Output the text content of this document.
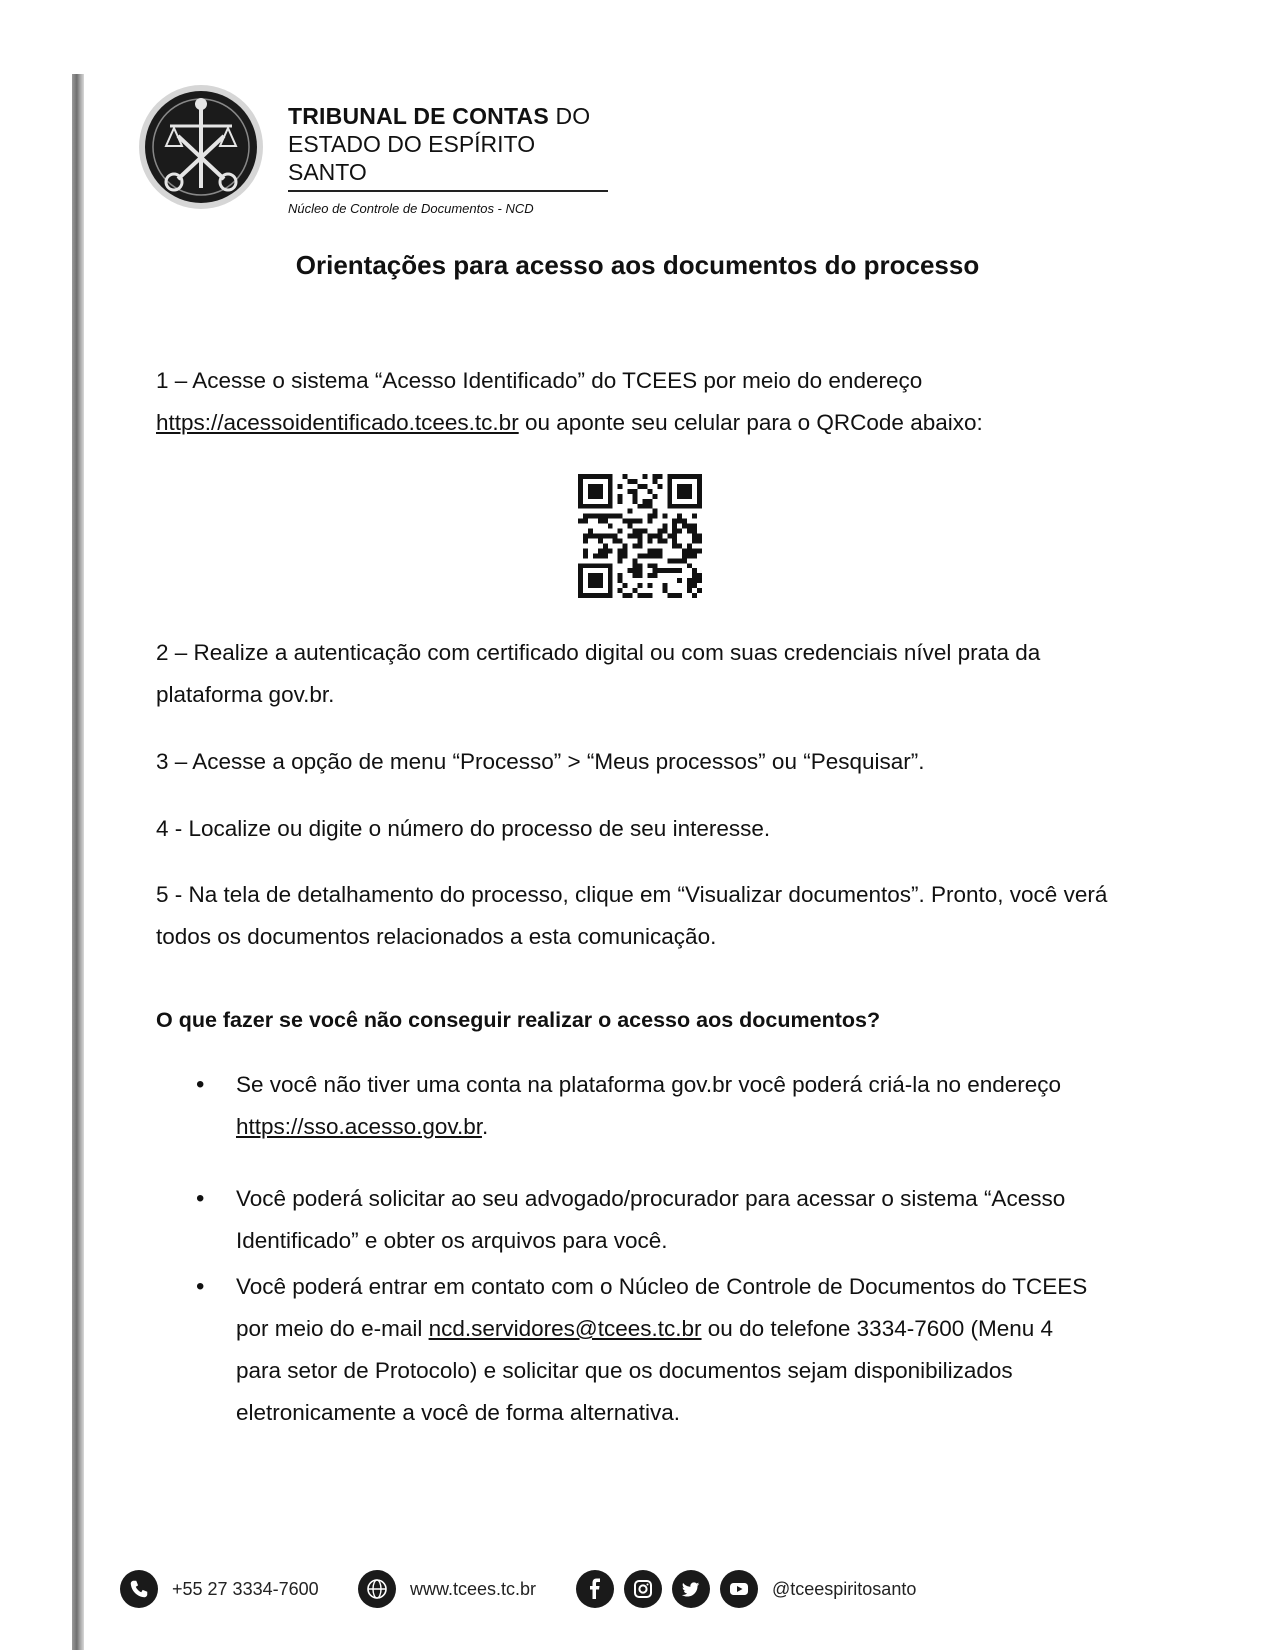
TRIBUNAL DE CONTAS DO
ESTADO DO ESPÍRITO SANTO
Núcleo de Controle de Documentos - NCD
Orientações para acesso aos documentos do processo
1 – Acesse o sistema “Acesso Identificado” do TCEES por meio do endereço
https://acessoidentificado.tcees.tc.br ou aponte seu celular para o QRCode abaixo:
2 – Realize a autenticação com certificado digital ou com suas credenciais nível prata da plataforma gov.br.
3 – Acesse a opção de menu “Processo” > “Meus processos” ou “Pesquisar”.
4 - Localize ou digite o número do processo de seu interesse.
5 - Na tela de detalhamento do processo, clique em “Visualizar documentos”. Pronto, você verá todos os documentos relacionados a esta comunicação.
O que fazer se você não conseguir realizar o acesso aos documentos?
• Se você não tiver uma conta na plataforma gov.br você poderá criá-la no endereço https://sso.acesso.gov.br.
• Você poderá solicitar ao seu advogado/procurador para acessar o sistema “Acesso Identificado” e obter os arquivos para você.
• Você poderá entrar em contato com o Núcleo de Controle de Documentos do TCEES por meio do e-mail ncd.servidores@tcees.tc.br ou do telefone 3334-7600 (Menu 4 para setor de Protocolo) e solicitar que os documentos sejam disponibilizados eletronicamente a você de forma alternativa.
+55 27 3334-7600	www.tcees.tc.br	@tceespiritosanto
